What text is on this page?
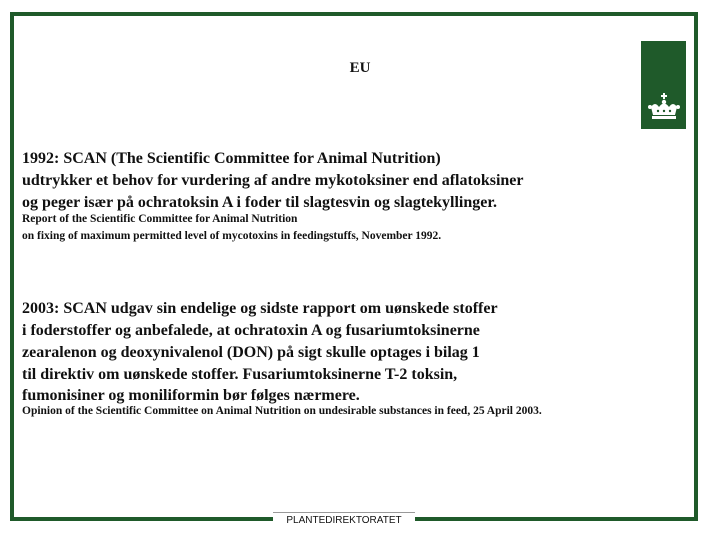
EU
1992: SCAN (The Scientific Committee for Animal Nutrition)
udtrykker et behov for vurdering af andre mykotoksiner end aflatoksiner
og peger især på ochratoksin A i foder til slagtesvin og slagtekyllinger.
Report of the Scientific Committee for Animal Nutrition
on fixing of maximum permitted level of mycotoxins in feedingstuffs, November 1992.
2003: SCAN udgav sin endelige og sidste rapport om uønskede stoffer
i foderstoffer og anbefalede, at ochratoxin A og fusariumtoksinerne
zearalenon og deoxynivalenol (DON) på sigt skulle optages i bilag 1
til direktiv om uønskede stoffer. Fusariumtoksinerne T-2 toksin,
fumonisiner og moniliformin bør følges nærmere.
Opinion of the Scientific Committee on Animal Nutrition on undesirable substances in feed, 25 April 2003.
PLANTEDIREKTORATET
